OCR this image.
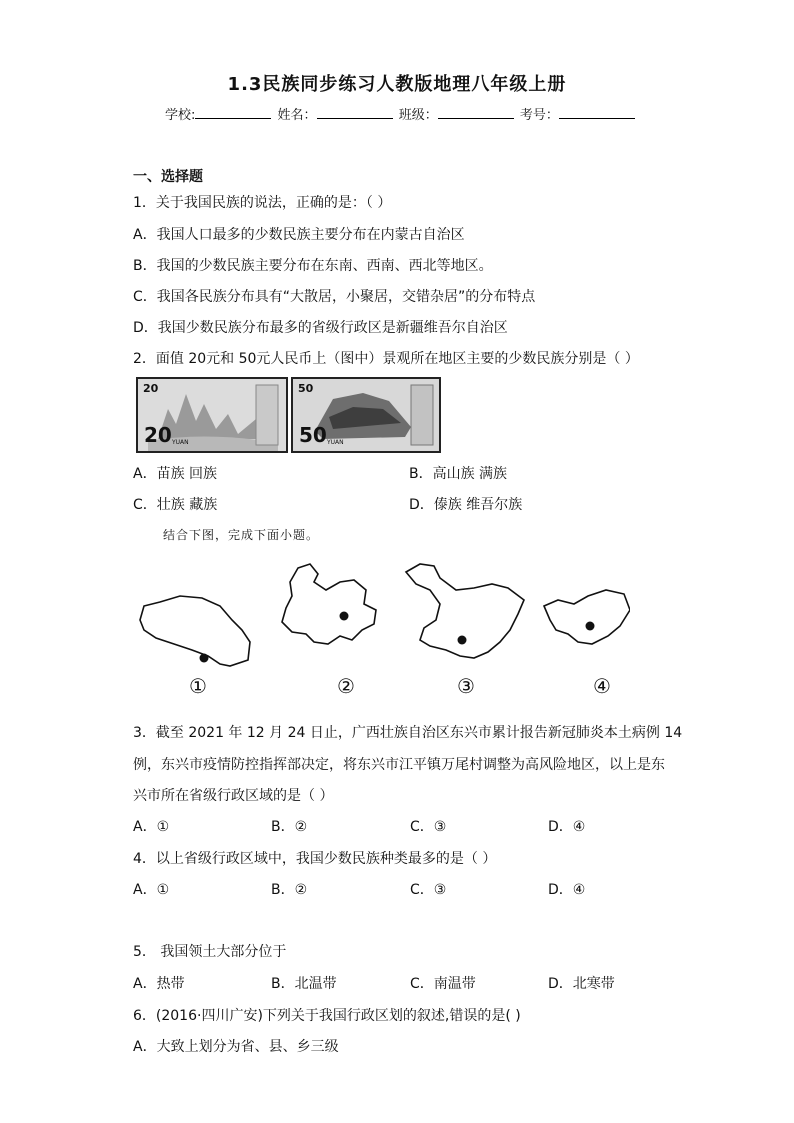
1.3民族同步练习人教版地理八年级上册
学校:	姓名：	班级：	考号：
一、选择题
1．关于我国民族的说法，正确的是：（ ）
A．我国人口最多的少数民族主要分布在内蒙古自治区
B．我国的少数民族主要分布在东南、西南、西北等地区。
C．我国各民族分布具有“大散居，小聚居，交错杂居”的分布特点
D．我国少数民族分布最多的省级行政区是新疆维吾尔自治区
2．面值 20元和 50元人民币上（图中）景观所在地区主要的少数民族分别是（ ）
20
20 YUAN
50
50 YUAN
A．苗族 回族	B．高山族 满族
C．壮族 藏族	D．傣族 维吾尔族
结合下图，完成下面小题。
①	②	③	④
3．截至 2021 年 12 月 24 日止，广西壮族自治区东兴市累计报告新冠肺炎本土病例 14
例，东兴市疫情防控指挥部决定，将东兴市江平镇万尾村调整为高风险地区，以上是东
兴市所在省级行政区域的是（ ）
A．①	B．②	C．③	D．④
4．以上省级行政区域中，我国少数民族种类最多的是（ ）
A．①	B．②	C．③	D．④
5． 我国领土大部分位于
A．热带	B．北温带	C．南温带	D．北寒带
6．(2016·四川广安)下列关于我国行政区划的叙述,错误的是( )
A．大致上划分为省、县、乡三级
